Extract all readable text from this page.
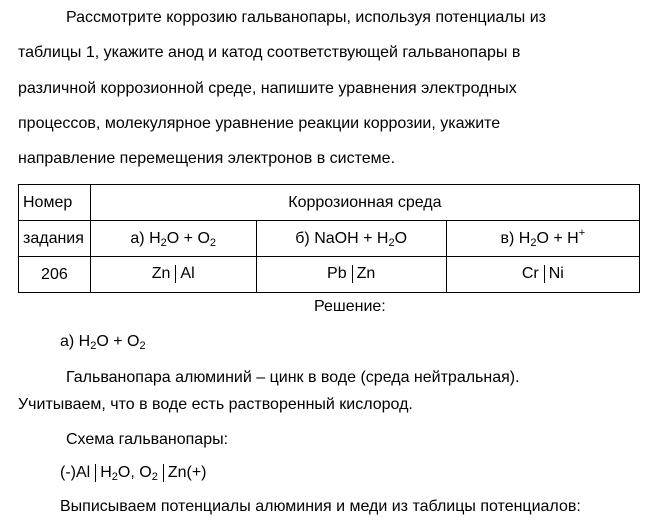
Рассмотрите коррозию гальванопары, используя потенциалы из
таблицы 1, укажите анод и катод соответствующей гальванопары в
различной коррозионной среде, напишите уравнения электродных
процессов, молекулярное уравнение реакции коррозии, укажите
направление перемещения электронов в системе.
Номер	Коррозионная среда		
задания	а) $H_2O + O_2$	б) NaOH + $H_2O$	в) $H_2O + H^+$
206	Zn Al	Pb Zn	Cr Ni
Решение:
а) $H_2O + O_2$
Гальванопара алюминий – цинк в воде (среда нейтральная).
Учитываем, что в воде есть растворенный кислород.
Схема гальванопары:
(-)Al $H_2O$, $O_2$ Zn(+)
Выписываем потенциалы алюминия и меди из таблицы потенциалов:
